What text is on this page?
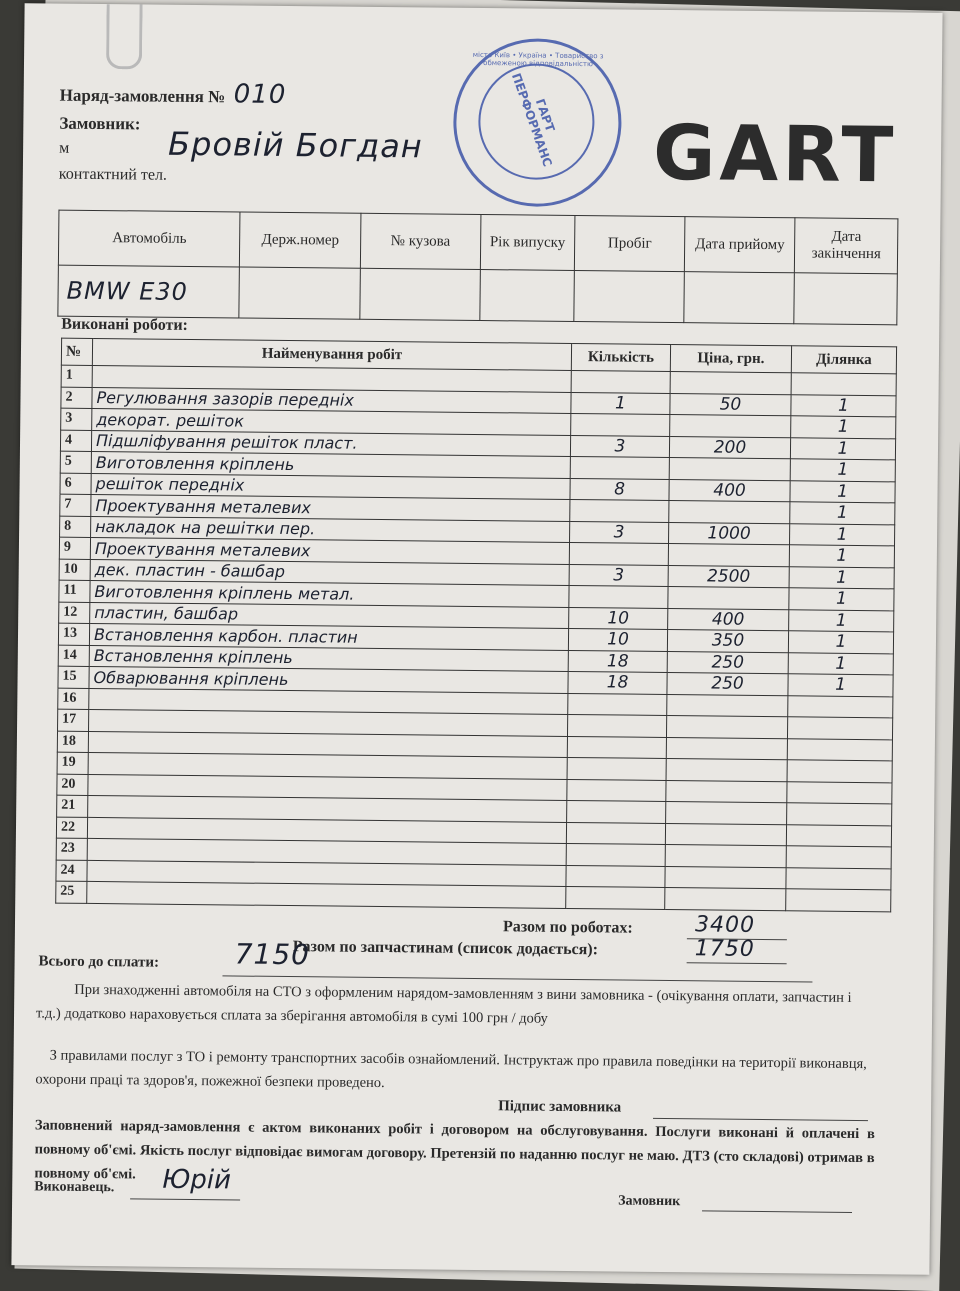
Наряд-замовлення № 010
Замовник:
м	Бровій Богдан
контактний тел.
місто Київ • Україна • Товариство з обмеженою відповідальністю
ГАРТ ПЕРФОРМАНС GART
Автомобіль	Держ.номер	№ кузова	Рік випуску	Пробіг	Дата прийому	Дата закінчення
BMW E30						
Виконані роботи:
№	Найменування робіт	Кількість	Ціна, грн.	Ділянка
1				
2	Регулювання зазорів передніх	1	50	1
3	декорат. решіток			1
4	Підшліфування решіток пласт.	3	200	1
5	Виготовлення кріплень			1
6	решіток передніх	8	400	1
7	Проектування металевих			1
8	накладок на решітки пер.	3	1000	1
9	Проектування металевих			1
10	дек. пластин - башбар	3	2500	1
11	Виготовлення кріплень метал.			1
12	пластин, башбар	10	400	1
13	Встановлення карбон. пластин	10	350	1
14	Встановлення кріплень	18	250	1
15	Обварювання кріплень	18	250	1
16				
17				
18				
19				
20				
21				
22				
23				
24				
25				
Разом по роботах:	3400
Разом по запчастинам (список додається):	1750
Всього до сплати:	7150
При знаходженні автомобіля на СТО з оформленим нарядом-замовленням з вини замовника - (очікування оплати, запчастин і т.д.) додатково нараховується сплата за зберігання автомобіля в сумі 100 грн / добу
З правилами послуг з ТО і ремонту транспортних засобів ознайомлений. Інструктаж про правила поведінки на території виконавця, охорони праці та здоров'я, пожежної безпеки проведено.
Підпис замовника
Заповнений наряд-замовлення є актом виконаних робіт і договором на обслуговування. Послуги виконані й оплачені в повному об'ємі. Якість послуг відповідає вимогам договору. Претензій по наданню послуг не маю. ДТЗ (сто складові) отримав в повному об'ємі.
Виконавець. Юрій
Замовник
